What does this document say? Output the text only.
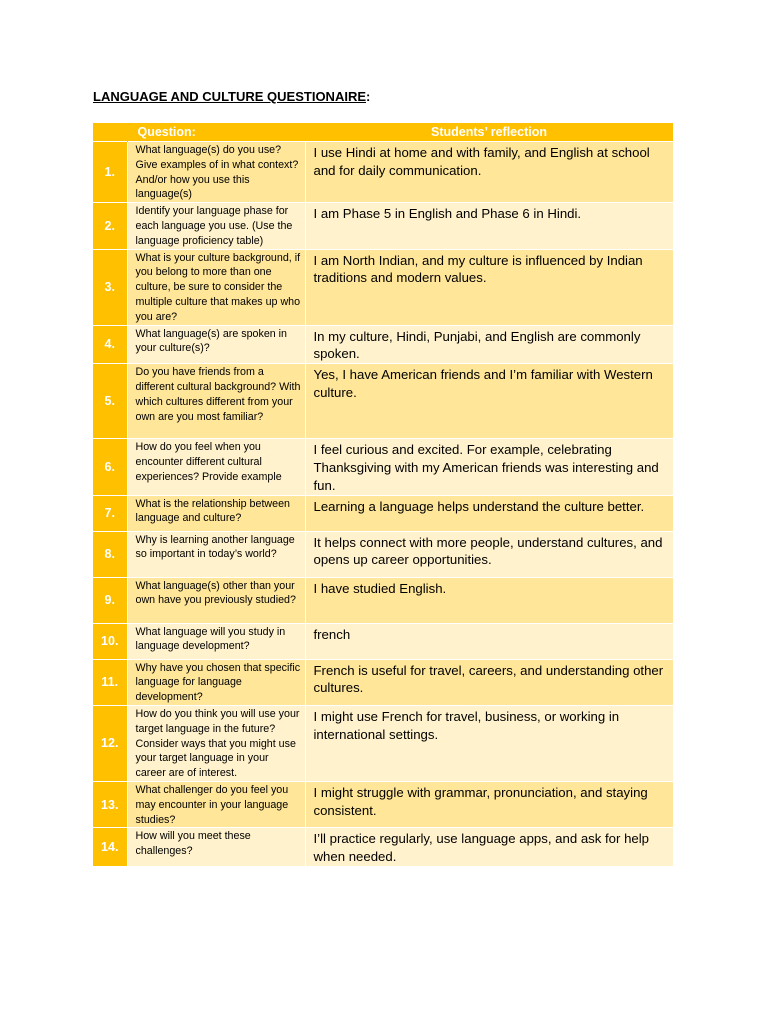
LANGUAGE AND CULTURE QUESTIONAIRE:
	Question:	Students’ reflection
1.	What language(s) do you use? Give examples of in what context? And/or how you use this language(s)	I use Hindi at home and with family, and English at school and for daily communication.
2.	Identify your language phase for each language you use. (Use the language proficiency table)	I am Phase 5 in English and Phase 6 in Hindi.
3.	What is your culture background, if you belong to more than one culture, be sure to consider the multiple culture that makes up who you are?	I am North Indian, and my culture is influenced by Indian traditions and modern values.
4.	What language(s) are spoken in your culture(s)?	In my culture, Hindi, Punjabi, and English are commonly spoken.
5.	Do you have friends from a different cultural background? With which cultures different from your own are you most familiar?	Yes, I have American friends and I’m familiar with Western culture.
6.	How do you feel when you encounter different cultural experiences? Provide example	I feel curious and excited. For example, celebrating Thanksgiving with my American friends was interesting and fun.
7.	What is the relationship between language and culture?	Learning a language helps understand the culture better.
8.	Why is learning another language so important in today’s world?	It helps connect with more people, understand cultures, and opens up career opportunities.
9.	What language(s) other than your own have you previously studied?	I have studied English.
10.	What language will you study in language development?	french
11.	Why have you chosen that specific language for language development?	French is useful for travel, careers, and understanding other cultures.
12.	How do you think you will use your target language in the future? Consider ways that you might use your target language in your career are of interest.	I might use French for travel, business, or working in international settings.
13.	What challenger do you feel you may encounter in your language studies?	I might struggle with grammar, pronunciation, and staying consistent.
14.	How will you meet these challenges?	I’ll practice regularly, use language apps, and ask for help when needed.
